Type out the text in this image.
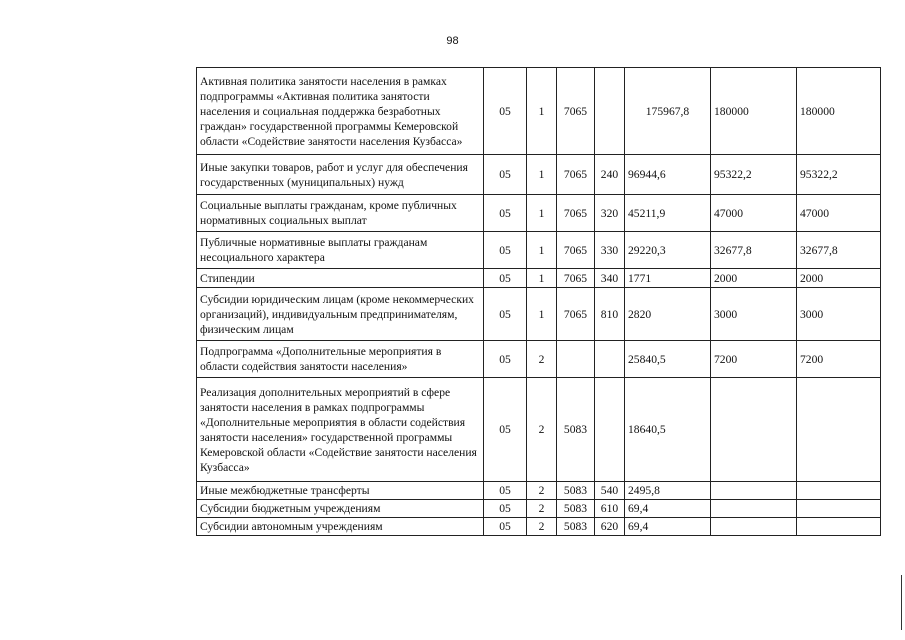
98
Активная политика занятости населения в рамках подпрограммы «Активная политика занятости населения и социальная поддержка безработных граждан» государственной программы Кемеровской области «Содействие занятости населения Кузбасса»	05	1	7065		175967,8	180000	180000
Иные закупки товаров, работ и услуг для обеспечения государственных (муниципальных) нужд	05	1	7065	240	96944,6	95322,2	95322,2
Социальные выплаты гражданам, кроме публичных нормативных социальных выплат	05	1	7065	320	45211,9	47000	47000
Публичные нормативные выплаты гражданам несоциального характера	05	1	7065	330	29220,3	32677,8	32677,8
Стипендии	05	1	7065	340	1771	2000	2000
Субсидии юридическим лицам (кроме некоммерческих организаций), индивидуальным предпринимателям, физическим лицам	05	1	7065	810	2820	3000	3000
Подпрограмма «Дополнительные мероприятия в области содействия занятости населения»	05	2			25840,5	7200	7200
Реализация дополнительных мероприятий в сфере занятости населения в рамках подпрограммы «Дополнительные мероприятия в области содействия занятости населения» государственной программы Кемеровской области «Содействие занятости населения Кузбасса»	05	2	5083		18640,5		
Иные межбюджетные трансферты	05	2	5083	540	2495,8		
Субсидии бюджетным учреждениям	05	2	5083	610	69,4		
Субсидии автономным учреждениям	05	2	5083	620	69,4		
